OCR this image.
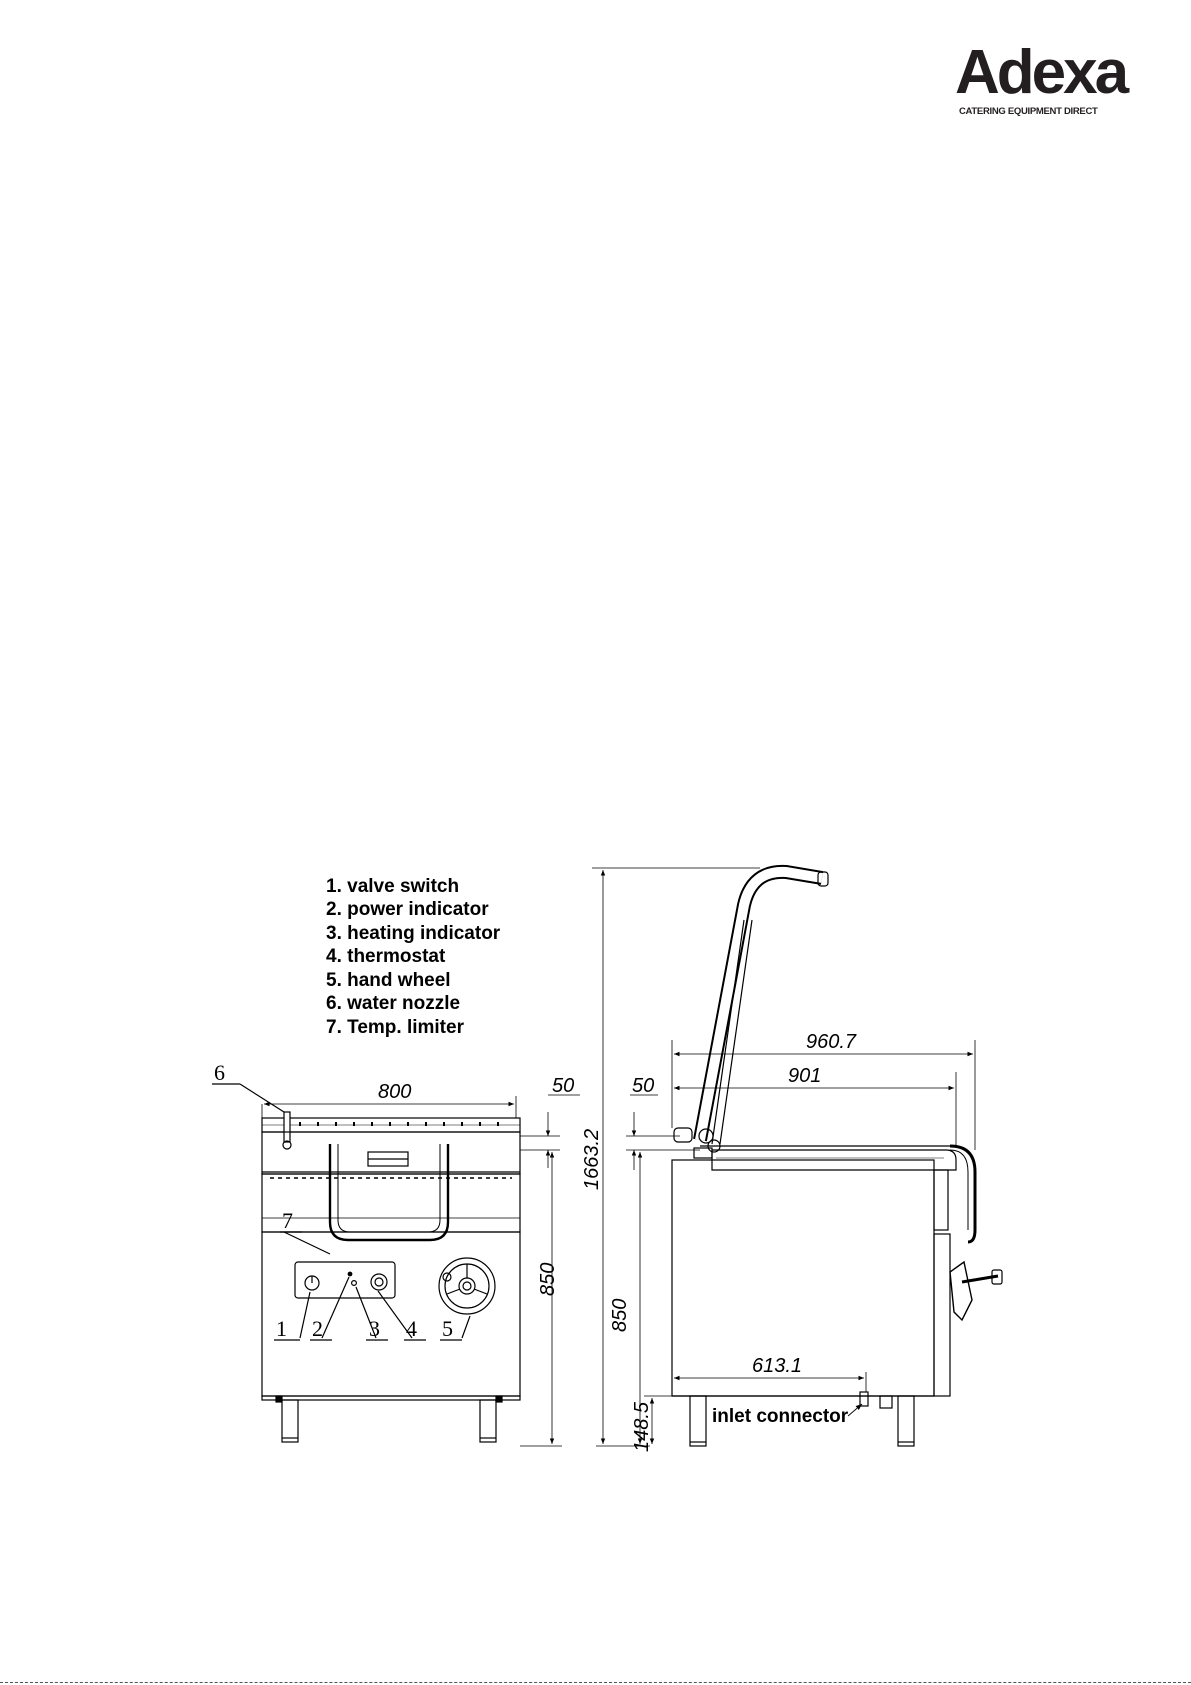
Adexa
CATERING EQUIPMENT DIRECT
1. valve switch
2. power indicator
3. heating indicator
4. thermostat
5. hand wheel
6. water nozzle
7. Temp. limiter
800	50
850
1663.2
960.7
901
50
850
148.5
613.1
6
7
1 2 3 4 5
inlet connector
